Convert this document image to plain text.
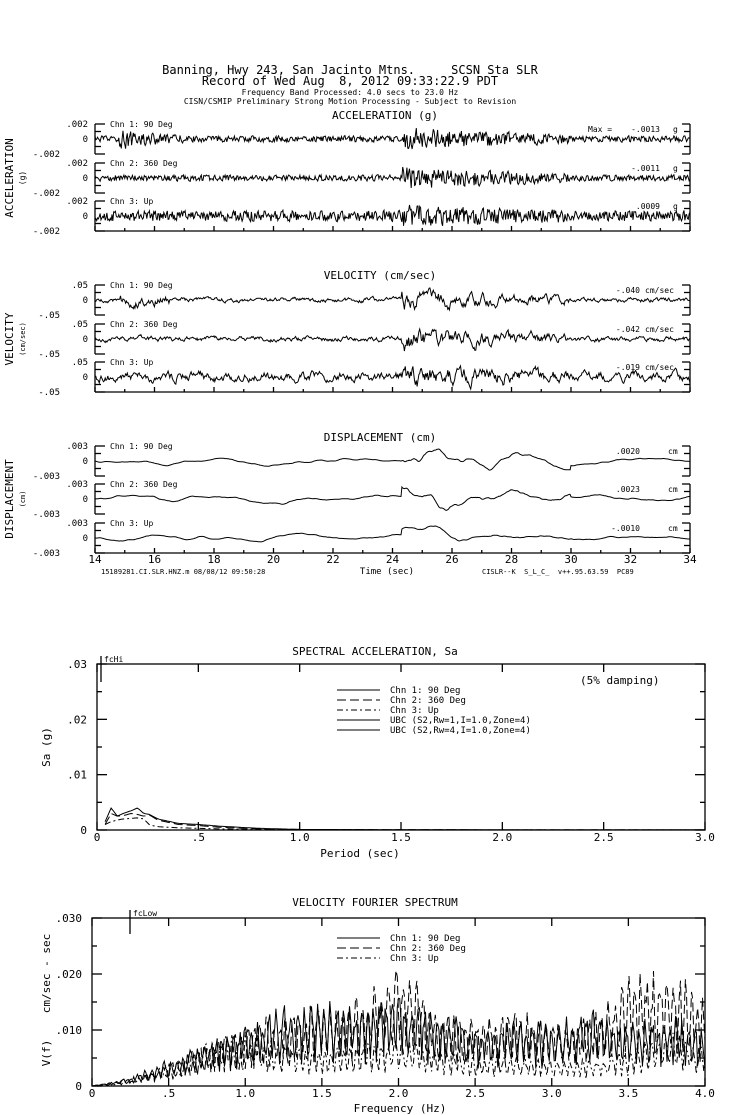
Banning, Hwy 243, San Jacinto Mtns.     SCSN Sta SLR
Record of Wed Aug  8, 2012 09:33:22.9 PDT
Frequency Band Processed: 4.0 secs to 23.0 Hz
CISN/CSMIP Preliminary Strong Motion Processing - Subject to Revision
ACCELERATION (g)
ACCELERATION (g)
Max =
VELOCITY (cm/sec)
VELOCITY (cm/sec)
DISPLACEMENT (cm)
DISPLACEMENT (cm)
Time (sec)
15189281.CI.SLR.HNZ.m 08/08/12 09:50:28	CISLR--K  S_L_C_  v++.95.63.59  PC89
SPECTRAL ACCELERATION, Sa
(5% damping)
fcHi
Period (sec)
Sa (g)
Chn 1: 90 Deg
Chn 2: 360 Deg
Chn 3: Up
UBC (S2,Rw=1,I=1.0,Zone=4)
UBC (S2,Rw=4,I=1.0,Zone=4)
VELOCITY FOURIER SPECTRUM
fcLow
Frequency (Hz)
V(f)    cm/sec - sec	Chn 1: 90 Deg
Chn 2: 360 Deg
Chn 3: Up
.002
0
-.002
Chn 1: 90 Deg
-.0013 g
.002
0
-.002
Chn 2: 360 Deg
-.0011 g
.002
0
-.002
Chn 3: Up
.0009 g
.05
0
-.05
Chn 1: 90 Deg
-.040 cm/sec
.05
0
-.05
Chn 2: 360 Deg
-.042 cm/sec
.05
0
-.05
Chn 3: Up
-.019 cm/sec
.003
0
-.003
Chn 1: 90 Deg
.0020	cm
.003
0
-.003
Chn 2: 360 Deg
.0023	cm
.003
0
-.003
Chn 3: Up
-.0010	cm
14	16	18	20	22	24	26	28	30	32	34
0	.5	1.0	1.5	2.0	2.5	3.0
0
.01
.02
.03
0	.5	1.0	1.5	2.0	2.5	3.0	3.5	4.0
0
.010
.020
.030
